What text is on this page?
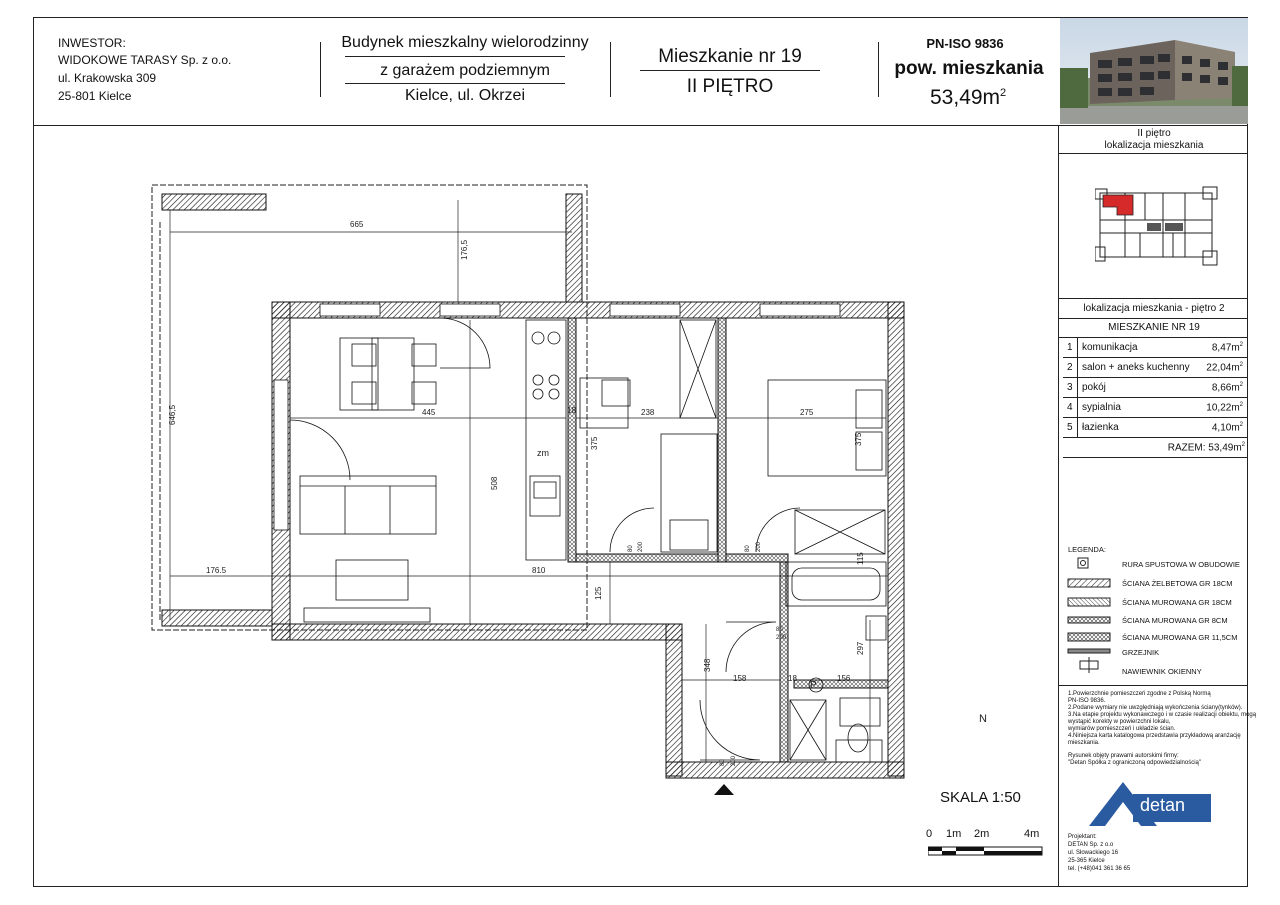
INWESTOR:
WIDOKOWE TARASY Sp. z o.o.
ul. Krakowska 309
25-801 Kielce
Budynek mieszkalny wielorodzinny
z garażem podziemnym
Kielce, ul. Okrzei
Mieszkanie nr 19
II PIĘTRO
PN-ISO 9836
pow. mieszkania
$53,49m^2$
II piętro
lokalizacja mieszkania
lokalizacja mieszkania - piętro 2
MIESZKANIE NR 19
1 komunikacja	$8,47m^2$
2 salon + aneks kuchenny $22,04m^2$
3 pokój	$8,66m^2$
4 sypialnia	$10,22m^2$
5 łazienka	$4,10m^2$
RAZEM: $53,49m^2$
LEGENDA:
RURA SPUSTOWA W OBUDOWIE
ŚCIANA ŻELBETOWA GR 18CM
ŚCIANA MUROWANA GR 18CM
ŚCIANA MUROWANA GR 8CM
ŚCIANA MUROWANA GR 11,5CM
GRZEJNIK
NAWIEWNIK OKIENNY
1.Powierzchnie pomieszczeń zgodne z Polską Normą
PN-ISO 9836.
2.Podane wymiary nie uwzględniają wykończenia ściany(tynków).
3.Na etapie projektu wykonawczego i w czasie realizacji obiektu, mogą
wystąpić korekty w powierzchni lokalu,
wymiarów pomieszczeń i układzie ścian.
4.Niniejsza karta katalogowa przedstawia przykładową aranżację
mieszkania.
Rysunek objęty prawami autorskimi firmy:
"Detan Spółka z ograniczoną odpowiedzialnością"
detan
Projektant:
DETAN Sp. z o.o
ul. Słowackiego 16
25-365 Kielce
tel. (+48)041 361 36 65
665
176,5
646,5	445
508
176.5	810
238	275
375
18
375
125
348
158	18	156
297
115
80 200	80 200
80
200
80 200
zm
P
N
SKALA 1:50
0 1m 2m	4m
